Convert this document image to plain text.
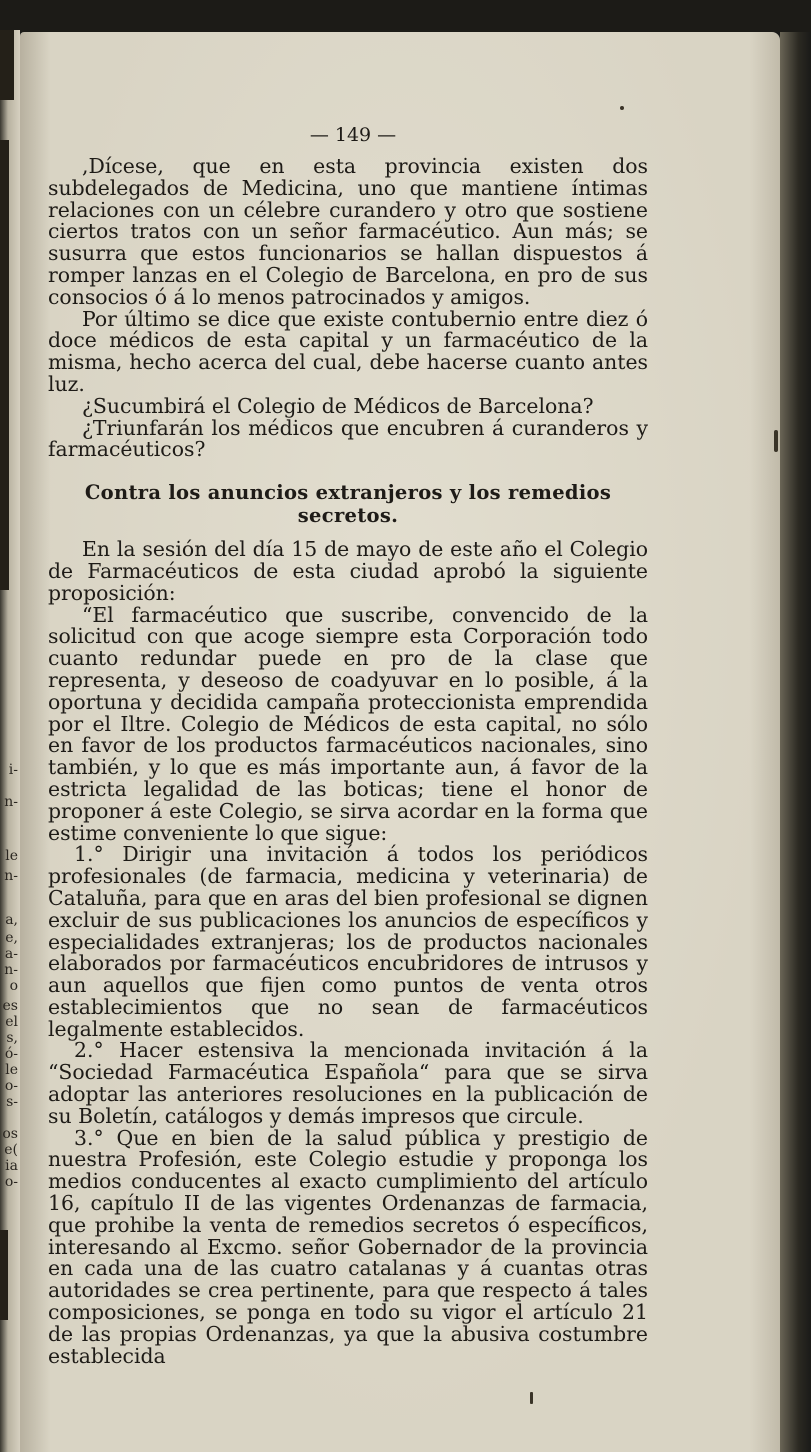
i-
n-
le
n-
a,
e,
a-
n-
o
es
el
s,
ó-
le
o-
s-
os
e(
ia
o-
— 149 —

,Dícese, que en esta provincia existen dos subdelegados de Medicina, uno que mantiene íntimas relaciones con un célebre curandero y otro que sostiene ciertos tratos con un señor farmacéutico. Aun más; se susurra que estos funcionarios se hallan dispuestos á romper lanzas en el Colegio de Barcelona, en pro de sus consocios ó á lo menos patrocinados y amigos.

Por último se dice que existe contubernio entre diez ó doce médicos de esta capital y un farmacéutico de la misma, hecho acerca del cual, debe hacerse cuanto antes luz.

¿Sucumbirá el Colegio de Médicos de Barcelona?

¿Triunfarán los médicos que encubren á curanderos y farmacéuticos?

Contra los anuncios extranjeros y los remedios secretos.

En la sesión del día 15 de mayo de este año el Colegio de Farmacéuticos de esta ciudad aprobó la siguiente proposición:

“El farmacéutico que suscribe, convencido de la solicitud con que acoge siempre esta Corporación todo cuanto redundar puede en pro de la clase que representa, y deseoso de coadyuvar en lo posible, á la oportuna y decidida campaña proteccionista emprendida por el Iltre. Colegio de Médicos de esta capital, no sólo en favor de los productos farmacéuticos nacionales, sino también, y lo que es más importante aun, á favor de la estricta legalidad de las boticas; tiene el honor de proponer á este Colegio, se sirva acordar en la forma que estime conveniente lo que sigue:

1.° Dirigir una invitación á todos los periódicos profesionales (de farmacia, medicina y veterinaria) de Cataluña, para que en aras del bien profesional se dignen excluir de sus publicaciones los anuncios de específicos y especialidades extranjeras; los de productos nacionales elaborados por farmacéuticos encubridores de intrusos y aun aquellos que fijen como puntos de venta otros establecimientos que no sean de farmacéuticos legalmente establecidos.

2.° Hacer estensiva la mencionada invitación á la “Sociedad Farmacéutica Española“ para que se sirva adoptar las anteriores resoluciones en la publicación de su Boletín, catálogos y demás impresos que circule.

3.° Que en bien de la salud pública y prestigio de nuestra Profesión, este Colegio estudie y proponga los medios conducentes al exacto cumplimiento del artículo 16, capítulo II de las vigentes Ordenanzas de farmacia, que prohibe la venta de remedios secretos ó específicos, interesando al Excmo. señor Gobernador de la provincia en cada una de las cuatro catalanas y á cuantas otras autoridades se crea pertinente, para que respecto á tales composiciones, se ponga en todo su vigor el artículo 21 de las propias Ordenanzas, ya que la abusiva costumbre establecida
